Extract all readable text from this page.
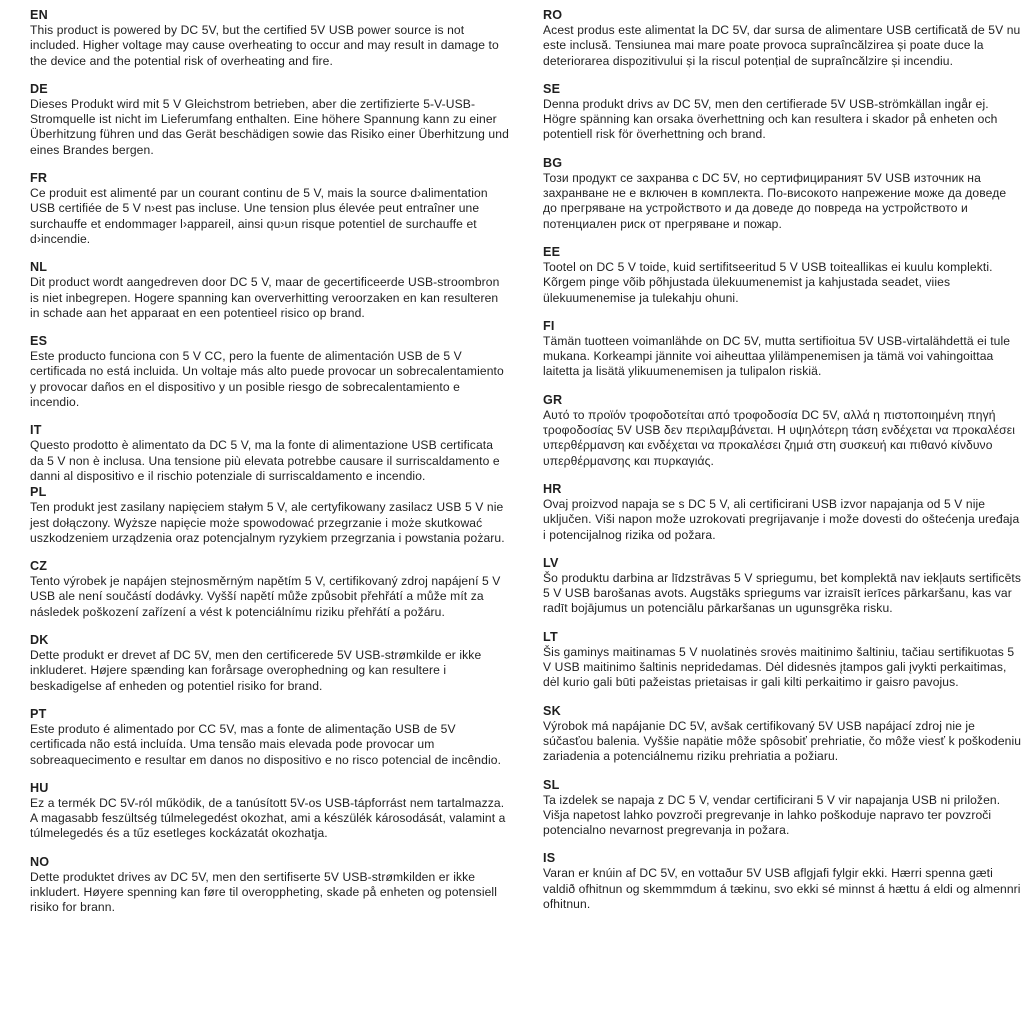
EN

This product is powered by DC 5V, but the certified 5V USB power source is not included. Higher voltage may cause overheating to occur and may result in damage to the device and the potential risk of overheating and fire.

DE

Dieses Produkt wird mit 5 V Gleichstrom betrieben, aber die zertifizierte 5-V-USB-Stromquelle ist nicht im Lieferumfang enthalten. Eine höhere Spannung kann zu einer Überhitzung führen und das Gerät beschädigen sowie das Risiko einer Überhitzung und eines Brandes bergen.

FR

Ce produit est alimenté par un courant continu de 5 V, mais la source d›alimentation USB certifiée de 5 V n›est pas incluse. Une tension plus élevée peut entraîner une surchauffe et endommager l›appareil, ainsi qu›un risque potentiel de surchauffe et d›incendie.

NL

Dit product wordt aangedreven door DC 5 V, maar de gecertificeerde USB-stroombron is niet inbegrepen. Hogere spanning kan oververhitting veroorzaken en kan resulteren in schade aan het apparaat en een potentieel risico op brand.

ES

Este producto funciona con 5 V CC, pero la fuente de alimentación USB de 5 V certificada no está incluida. Un voltaje más alto puede provocar un sobrecalentamiento y provocar daños en el dispositivo y un posible riesgo de sobrecalentamiento e incendio.

IT

Questo prodotto è alimentato da DC 5 V, ma la fonte di alimentazione USB certificata da 5 V non è inclusa. Una tensione più elevata potrebbe causare il surriscaldamento e danni al dispositivo e il rischio potenziale di surriscaldamento e incendio.

PL

Ten produkt jest zasilany napięciem stałym 5 V, ale certyfikowany zasilacz USB 5 V nie jest dołączony. Wyższe napięcie może spowodować przegrzanie i może skutkować uszkodzeniem urządzenia oraz potencjalnym ryzykiem przegrzania i powstania pożaru.

CZ

Tento výrobek je napájen stejnosměrným napětím 5 V, certifikovaný zdroj napájení 5 V USB ale není součástí dodávky. Vyšší napětí může způsobit přehřátí a může mít za následek poškození zařízení a vést k potenciálnímu riziku přehřátí a požáru.

DK

Dette produkt er drevet af DC 5V, men den certificerede 5V USB-strømkilde er ikke inkluderet. Højere spænding kan forårsage overophedning og kan resultere i beskadigelse af enheden og potentiel risiko for brand.

PT

Este produto é alimentado por CC 5V, mas a fonte de alimentação USB de 5V certificada não está incluída. Uma tensão mais elevada pode provocar um sobreaquecimento e resultar em danos no dispositivo e no risco potencial de incêndio.

HU

Ez a termék DC 5V-ról működik, de a tanúsított 5V-os USB-tápforrást nem tartalmazza. A magasabb feszültség túlmelegedést okozhat, ami a készülék károsodását, valamint a túlmelegedés és a tűz esetleges kockázatát okozhatja.

NO

Dette produktet drives av DC 5V, men den sertifiserte 5V USB-strømkilden er ikke inkludert. Høyere spenning kan føre til overoppheting, skade på enheten og potensiell risiko for brann.

RO

Acest produs este alimentat la DC 5V, dar sursa de alimentare USB certificată de 5V nu este inclusă. Tensiunea mai mare poate provoca supraîncălzirea și poate duce la deteriorarea dispozitivului și la riscul potențial de supraîncălzire și incendiu.

SE

Denna produkt drivs av DC 5V, men den certifierade 5V USB-strömkällan ingår ej. Högre spänning kan orsaka överhettning och kan resultera i skador på enheten och potentiell risk för överhettning och brand.

BG

Този продукт се захранва с DC 5V, но сертифицираният 5V USB източник на захранване не е включен в комплекта. По-високото напрежение може да доведе до прегряване на устройството и да доведе до повреда на устройството и потенциален риск от прегряване и пожар.

EE

Tootel on DC 5 V toide, kuid sertifitseeritud 5 V USB toiteallikas ei kuulu komplekti. Kõrgem pinge võib põhjustada ülekuumenemist ja kahjustada seadet, viies ülekuumenemise ja tulekahju ohuni.

FI

Tämän tuotteen voimanlähde on DC 5V, mutta sertifioitua 5V USB-virtalähdettä ei tule mukana. Korkeampi jännite voi aiheuttaa ylilämpenemisen ja tämä voi vahingoittaa laitetta ja lisätä ylikuumenemisen ja tulipalon riskiä.

GR

Αυτό το προϊόν τροφοδοτείται από τροφοδοσία DC 5V, αλλά η πιστοποιημένη πηγή τροφοδοσίας 5V USB δεν περιλαμβάνεται. Η υψηλότερη τάση ενδέχεται να προκαλέσει υπερθέρμανση και ενδέχεται να προκαλέσει ζημιά στη συσκευή και πιθανό κίνδυνο υπερθέρμανσης και πυρκαγιάς.

HR

Ovaj proizvod napaja se s DC 5 V, ali certificirani USB izvor napajanja od 5 V nije uključen. Viši napon može uzrokovati pregrijavanje i može dovesti do oštećenja uređaja i potencijalnog rizika od požara.

LV

Šo produktu darbina ar līdzstrāvas 5 V spriegumu, bet komplektā nav iekļauts sertificēts 5 V USB barošanas avots. Augstāks spriegums var izraisīt ierīces pārkaršanu, kas var radīt bojājumus un potenciālu pārkaršanas un ugunsgrēka risku.

LT

Šis gaminys maitinamas 5 V nuolatinės srovės maitinimo šaltiniu, tačiau sertifikuotas 5 V USB maitinimo šaltinis nepridedamas. Dėl didesnės įtampos gali įvykti perkaitimas, dėl kurio gali būti pažeistas prietaisas ir gali kilti perkaitimo ir gaisro pavojus.

SK

Výrobok má napájanie DC 5V, avšak certifikovaný 5V USB napájací zdroj nie je súčasťou balenia. Vyššie napätie môže spôsobiť prehriatie, čo môže viesť k poškodeniu zariadenia a potenciálnemu riziku prehriatia a požiaru.

SL

Ta izdelek se napaja z DC 5 V, vendar certificirani 5 V vir napajanja USB ni priložen. Višja napetost lahko povzroči pregrevanje in lahko poškoduje napravo ter povzroči potencialno nevarnost pregrevanja in požara.

IS

Varan er knúin af DC 5V, en vottaður 5V USB aflgjafi fylgir ekki. Hærri spenna gæti valdið ofhitnun og skemmmdum á tækinu, svo ekki sé minnst á hættu á eldi og almennri ofhitnun.
